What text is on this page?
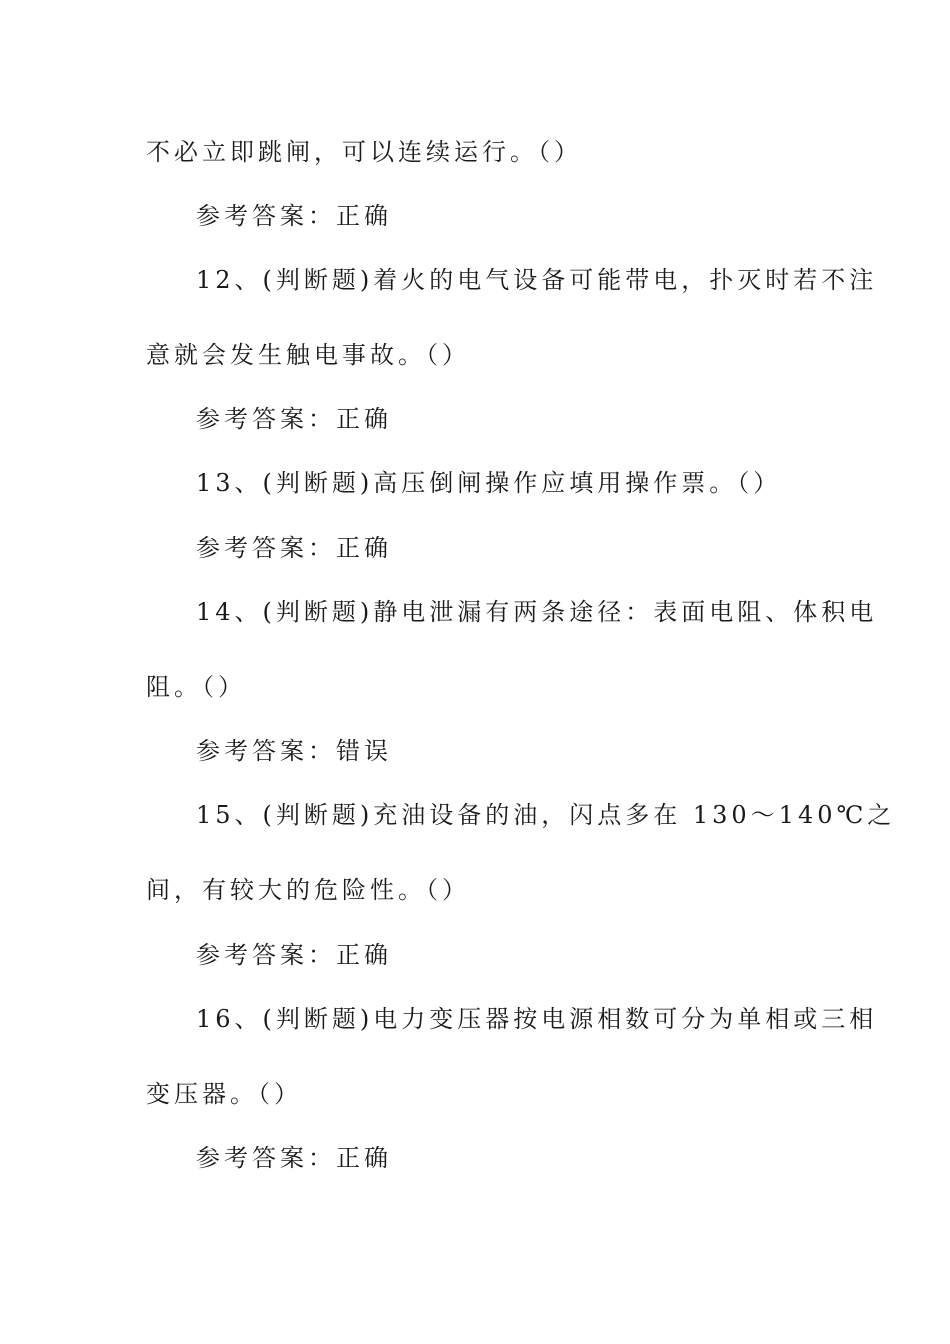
不必立即跳闸，可以连续运行。（）
参考答案：正确
12、(判断题)着火的电气设备可能带电，扑灭时若不注
意就会发生触电事故。（）
参考答案：正确
13、(判断题)高压倒闸操作应填用操作票。（）
参考答案：正确
14、(判断题)静电泄漏有两条途径：表面电阻、体积电
阻。（）
参考答案：错误
15、(判断题)充油设备的油，闪点多在 130～140℃之
间，有较大的危险性。（）
参考答案：正确
16、(判断题)电力变压器按电源相数可分为单相或三相
变压器。（）
参考答案：正确
